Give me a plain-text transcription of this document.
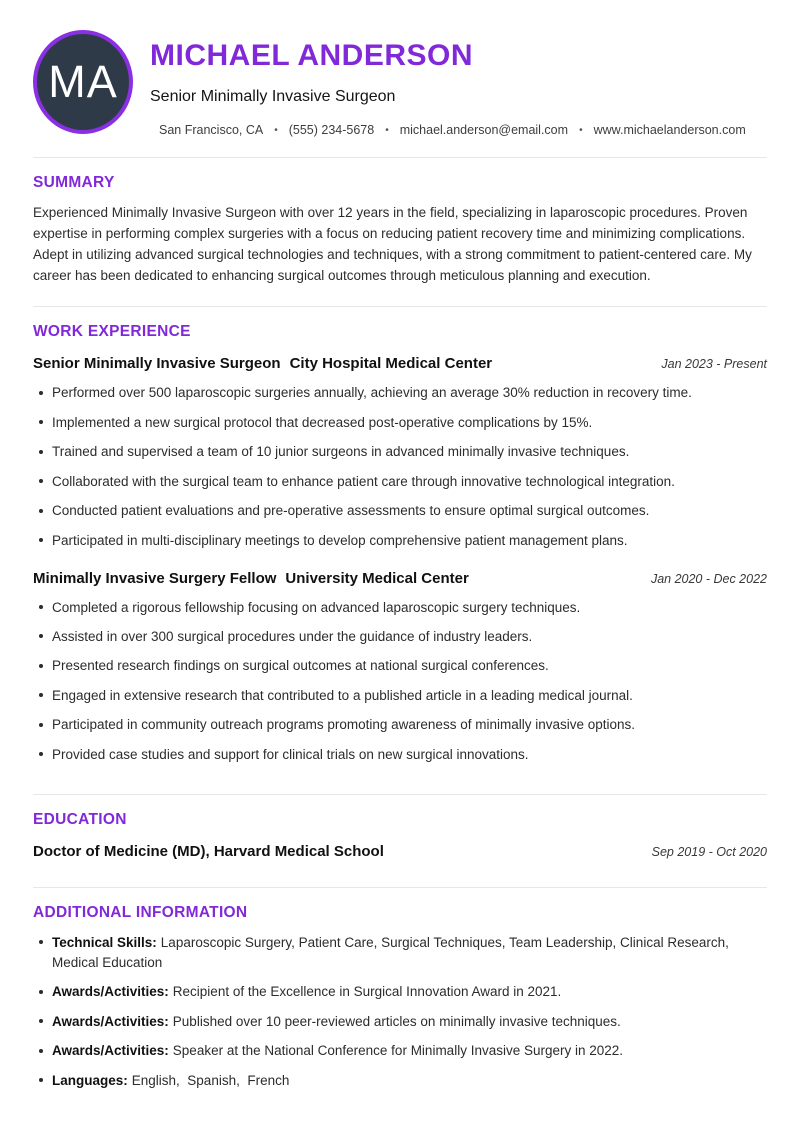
MA
MICHAEL ANDERSON
Senior Minimally Invasive Surgeon
San Francisco, CA • (555) 234-5678 • michael.anderson@email.com • www.michaelanderson.com
SUMMARY

Experienced Minimally Invasive Surgeon with over 12 years in the field, specializing in laparoscopic procedures. Proven expertise in performing complex surgeries with a focus on reducing patient recovery time and minimizing complications. Adept in utilizing advanced surgical technologies and techniques, with a strong commitment to patient-centered care. My career has been dedicated to enhancing surgical outcomes through meticulous planning and execution.

WORK EXPERIENCE
Senior Minimally Invasive Surgeon City Hospital Medical Center	Jan 2023 - Present
Performed over 500 laparoscopic surgeries annually, achieving an average 30% reduction in recovery time.
Implemented a new surgical protocol that decreased post-operative complications by 15%.
Trained and supervised a team of 10 junior surgeons in advanced minimally invasive techniques.
Collaborated with the surgical team to enhance patient care through innovative technological integration.
Conducted patient evaluations and pre-operative assessments to ensure optimal surgical outcomes.
Participated in multi-disciplinary meetings to develop comprehensive patient management plans.
Minimally Invasive Surgery Fellow University Medical Center	Jan 2020 - Dec 2022
Completed a rigorous fellowship focusing on advanced laparoscopic surgery techniques.
Assisted in over 300 surgical procedures under the guidance of industry leaders.
Presented research findings on surgical outcomes at national surgical conferences.
Engaged in extensive research that contributed to a published article in a leading medical journal.
Participated in community outreach programs promoting awareness of minimally invasive options.
Provided case studies and support for clinical trials on new surgical innovations.
EDUCATION
Doctor of Medicine (MD), Harvard Medical School	Sep 2019 - Oct 2020
ADDITIONAL INFORMATION
Technical Skills: Laparoscopic Surgery, Patient Care, Surgical Techniques, Team Leadership, Clinical Research, Medical Education
Awards/Activities: Recipient of the Excellence in Surgical Innovation Award in 2021.
Awards/Activities: Published over 10 peer-reviewed articles on minimally invasive techniques.
Awards/Activities: Speaker at the National Conference for Minimally Invasive Surgery in 2022.
Languages: English,  Spanish,  French
